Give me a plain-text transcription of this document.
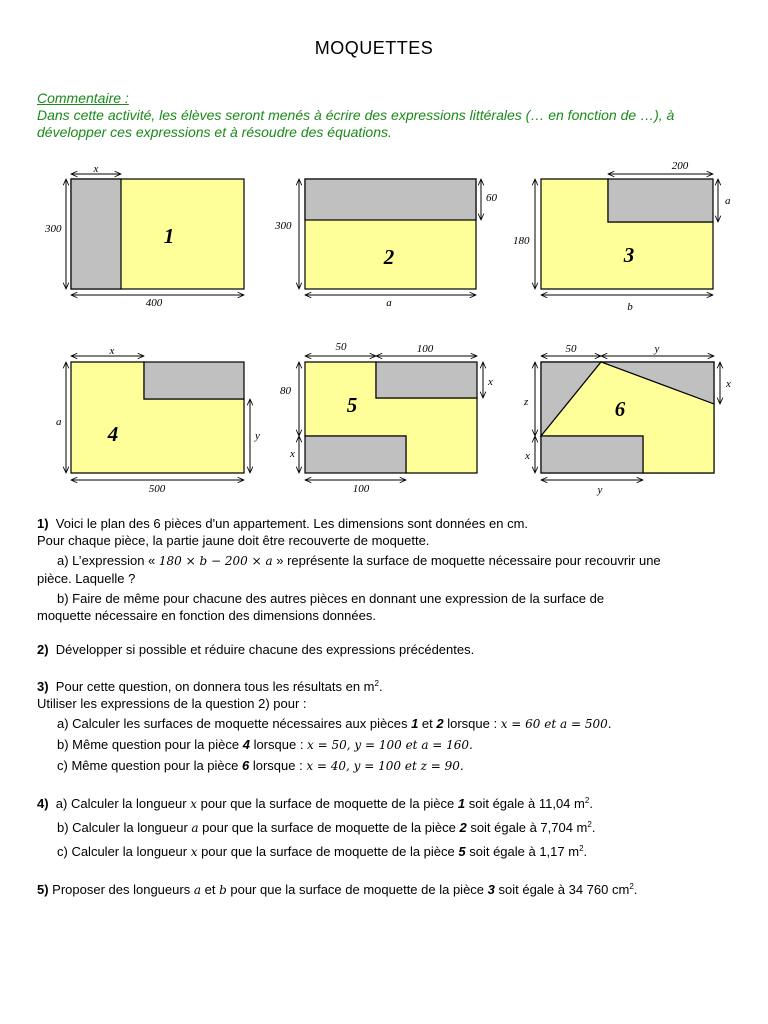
MOQUETTES
Commentaire :
Dans cette activité, les élèves seront menés à écrire des expressions littérales (… en fonction de …), à développer ces expressions et à résoudre des équations.
x
300
400
300
60
a
200
a
180
b
x
a
y
500
50	100
80
x
x
100
50	y
z
x
x
y
1
2	3
4
5	6

1) Voici le plan des 6 pièces d'un appartement. Les dimensions sont données en cm.

Pour chaque pièce, la partie jaune doit être recouverte de moquette.

a) L’expression « 180 × b − 200 × a » représente la surface de moquette nécessaire pour recouvrir une

pièce. Laquelle ?

b) Faire de même pour chacune des autres pièces en donnant une expression de la surface de

moquette nécessaire en fonction des dimensions données.

2) Développer si possible et réduire chacune des expressions précédentes.

3) Pour cette question, on donnera tous les résultats en $m^2$.

Utiliser les expressions de la question 2) pour :

a) Calculer les surfaces de moquette nécessaires aux pièces 1 et 2 lorsque : x = 60 et a = 500.

b) Même question pour la pièce 4 lorsque : x = 50, y = 100 et a = 160.

c) Même question pour la pièce 6 lorsque : x = 40, y = 100 et z = 90.

4) a) Calculer la longueur x pour que la surface de moquette de la pièce 1 soit égale à 11,04 $m^2$.

b) Calculer la longueur a pour que la surface de moquette de la pièce 2 soit égale à 7,704 $m^2$.

c) Calculer la longueur x pour que la surface de moquette de la pièce 5 soit égale à 1,17 $m^2$.

5) Proposer des longueurs a et b pour que la surface de moquette de la pièce 3 soit égale à 34 760 $cm^2$.
